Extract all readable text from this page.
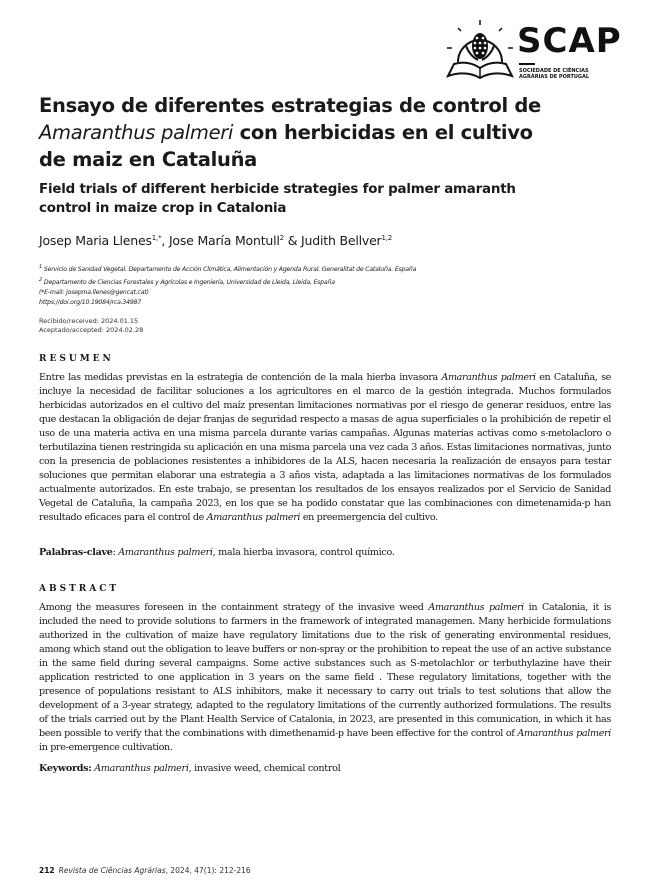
SCAP
SOCIEDADE DE CIÊNCIAS
AGRÁRIAS DE PORTUGAL
Ensayo de diferentes estrategias de control de Amaranthus palmeri con herbicidas en el cultivo de maiz en Cataluña
Field trials of different herbicide strategies for palmer amaranth control in maize crop in Catalonia
Josep Maria Llenes$^{1,*}$, Jose María Montull$^2$ & Judith Bellver$^{1,2}$
$^1$ Servicio de Sanidad Vegetal. Departamento de Acción Climática, Alimentación y Agenda Rural. Generalitat de Cataluña. España
$^2$ Departamento de Ciencias Forestales y Agrícolas e Ingeniería, Universidad de Lleida, Lleida, España
(*E-mail: josepma.llenes@gencat.cat)
https://doi.org/10.19084/rca.34987
Recibido/received: 2024.01.15
Aceptado/accepted: 2024.02.28
RESUMEN
Entre las medidas previstas en la estrategia de contención de la mala hierba invasora Amaranthus palmeri en Cataluña, se incluye la necesidad de facilitar soluciones a los agricultores en el marco de la gestión integrada. Muchos formulados herbicidas autorizados en el cultivo del maíz presentan limitaciones normativas por el riesgo de generar residuos, entre las que destacan la obligación de dejar franjas de seguridad respecto a masas de agua superficiales o la prohibición de repetir el uso de una materia activa en una misma parcela durante varias campañas. Algunas materias activas como s-metolacloro o terbutilazina tienen restringida su aplicación en una misma parcela una vez cada 3 años. Estas limitaciones normativas, junto con la presencia de poblaciones resistentes a inhibidores de la ALS, hacen necesaria la realización de ensayos para testar soluciones que permitan elaborar una estrategia a 3 años vista, adaptada a las limitaciones normativas de los formulados actualmente autorizados. En este trabajo, se presentan los resultados de los ensayos realizados por el Servicio de Sanidad Vegetal de Cataluña, la campaña 2023, en los que se ha podido constatar que las combinaciones con dimetenamida-p han resultado eficaces para el control de Amaranthus palmeri en preemergencia del cultivo.
Palabras-clave: Amaranthus palmeri, mala hierba invasora, control químico.
ABSTRACT
Among the measures foreseen in the containment strategy of the invasive weed Amaranthus palmeri in Catalonia, it is included the need to provide solutions to farmers in the framework of integrated managemen. Many herbicide formulations authorized in the cultivation of maize have regulatory limitations due to the risk of generating environmental residues, among which stand out the obligation to leave buffers or non-spray or the prohibition to repeat the use of an active substance in the same field during several campaigns. Some active substances such as S-metolachlor or terbuthylazine have their application restricted to one application in 3 years on the same field . These regulatory limitations, together with the presence of populations resistant to ALS inhibitors, make it necessary to carry out trials to test solutions that allow the development of a 3-year strategy, adapted to the regulatory limitations of the currently authorized formulations. The results of the trials carried out by the Plant Health Service of Catalonia, in 2023, are presented in this comunication, in which it has been possible to verify that the combinations with dimethenamid-p have been effective for the control of Amaranthus palmeri in pre-emergence cultivation.
Keywords: Amaranthus palmeri, invasive weed, chemical control
212 Revista de Ciências Agrárias, 2024, 47(1): 212-216
